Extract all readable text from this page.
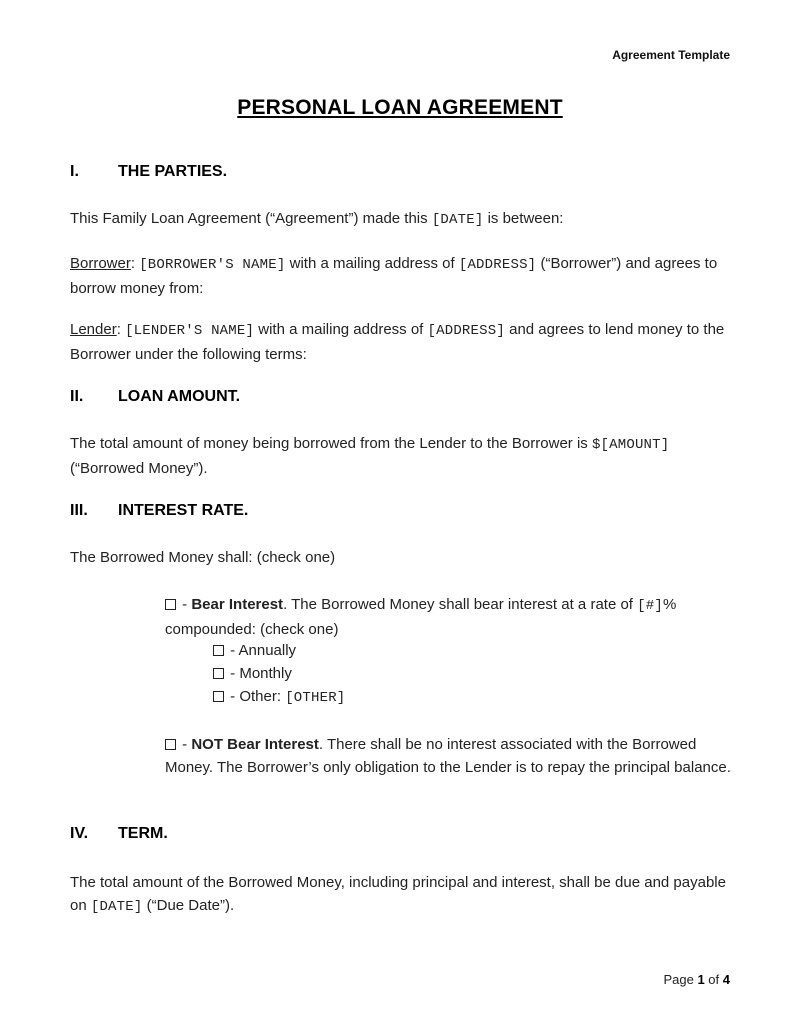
Agreement Template
PERSONAL LOAN AGREEMENT
I. THE PARTIES.
This Family Loan Agreement (“Agreement”) made this [DATE] is between:
Borrower: [BORROWER'S NAME] with a mailing address of [ADDRESS] (“Borrower”) and agrees to borrow money from:
Lender: [LENDER'S NAME] with a mailing address of [ADDRESS] and agrees to lend money to the Borrower under the following terms:
II. LOAN AMOUNT.
The total amount of money being borrowed from the Lender to the Borrower is $[AMOUNT] (“Borrowed Money”).
III. INTEREST RATE.
The Borrowed Money shall: (check one)
- Bear Interest. The Borrowed Money shall bear interest at a rate of [#]% compounded: (check one)
- Annually
- Monthly
- Other: [OTHER]
- NOT Bear Interest. There shall be no interest associated with the Borrowed Money. The Borrower’s only obligation to the Lender is to repay the principal balance.
IV. TERM.
The total amount of the Borrowed Money, including principal and interest, shall be due and payable on [DATE] (“Due Date”).
Page 1 of 4
